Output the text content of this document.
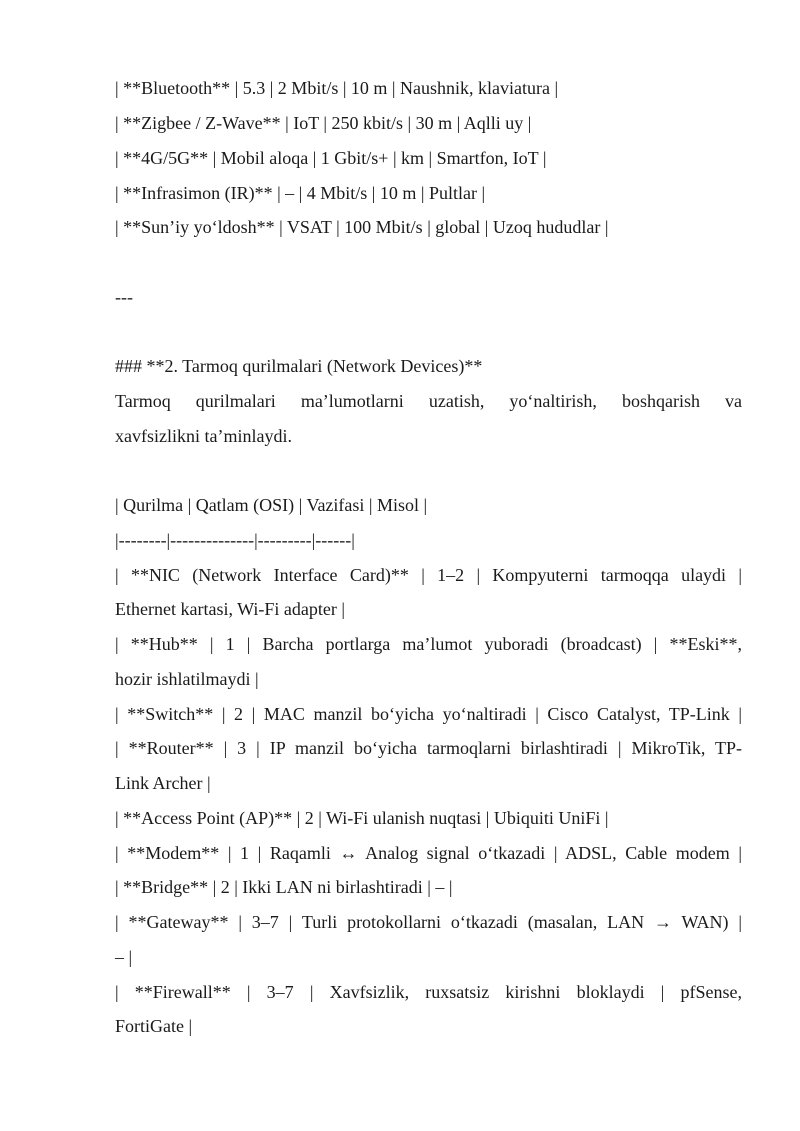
| **Bluetooth** | 5.3 | 2 Mbit/s | 10 m | Naushnik, klaviatura |
| **Zigbee / Z-Wave** | IoT | 250 kbit/s | 30 m | Aqlli uy |
| **4G/5G** | Mobil aloqa | 1 Gbit/s+ | km | Smartfon, IoT |
| **Infrasimon (IR)** | – | 4 Mbit/s | 10 m | Pultlar |
| **Sun’iy yo‘ldosh** | VSAT | 100 Mbit/s | global | Uzoq hududlar |
---
### **2. Tarmoq qurilmalari (Network Devices)**
Tarmoq qurilmalari ma’lumotlarni uzatish, yo‘naltirish, boshqarish va
xavfsizlikni ta’minlaydi.
| Qurilma | Qatlam (OSI) | Vazifasi | Misol |
|--------|--------------|---------|------|
| **NIC (Network Interface Card)** | 1–2 | Kompyuterni tarmoqqa ulaydi |
Ethernet kartasi, Wi-Fi adapter |
| **Hub** | 1 | Barcha portlarga ma’lumot yuboradi (broadcast) | **Eski**,
hozir ishlatilmaydi |
| **Switch** | 2 | MAC manzil bo‘yicha yo‘naltiradi | Cisco Catalyst, TP-Link |
| **Router** | 3 | IP manzil bo‘yicha tarmoqlarni birlashtiradi | MikroTik, TP-
Link Archer |
| **Access Point (AP)** | 2 | Wi-Fi ulanish nuqtasi | Ubiquiti UniFi |
| **Modem** | 1 | Raqamli ↔ Analog signal o‘tkazadi | ADSL, Cable modem |
| **Bridge** | 2 | Ikki LAN ni birlashtiradi | – |
| **Gateway** | 3–7 | Turli protokollarni o‘tkazadi (masalan, LAN → WAN) |
– |
| **Firewall** | 3–7 | Xavfsizlik, ruxsatsiz kirishni bloklaydi | pfSense,
FortiGate |
